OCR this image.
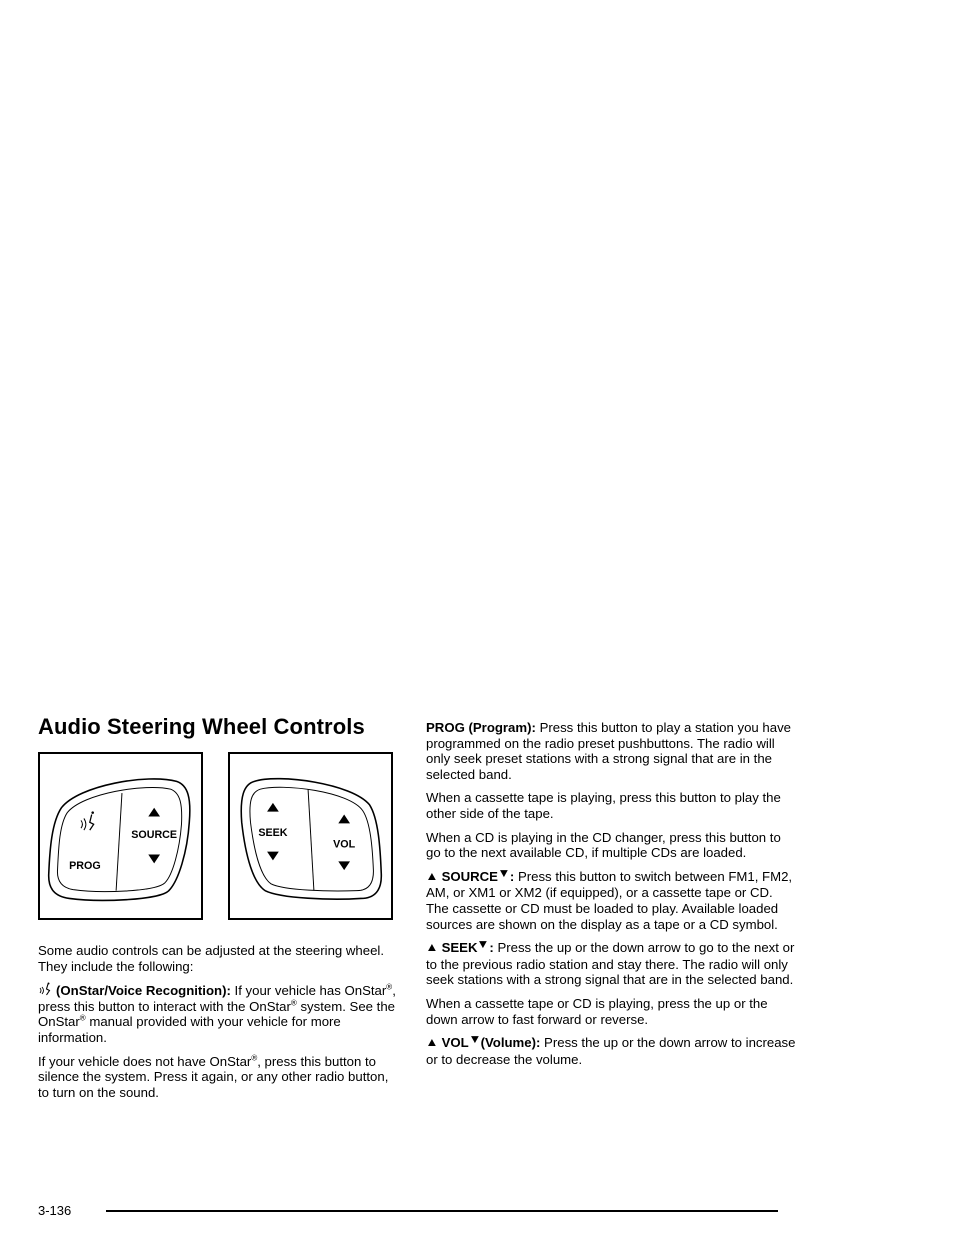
Audio Steering Wheel Controls
SOURCE
PROG
SEEK
VOL

Some audio controls can be adjusted at the steering wheel. They include the following:

(OnStar/Voice Recognition): If your vehicle has OnStar®, press this button to interact with the OnStar® system. See the OnStar® manual provided with your vehicle for more information.

If your vehicle does not have OnStar®, press this button to silence the system. Press it again, or any other radio button, to turn on the sound.

PROG (Program): Press this button to play a station you have programmed on the radio preset pushbuttons. The radio will only seek preset stations with a strong signal that are in the selected band.

When a cassette tape is playing, press this button to play the other side of the tape.

When a CD is playing in the CD changer, press this button to go to the next available CD, if multiple CDs are loaded.

▲ SOURCE▼: Press this button to switch between FM1, FM2, AM, or XM1 or XM2 (if equipped), or a cassette tape or CD. The cassette or CD must be loaded to play. Available loaded sources are shown on the display as a tape or a CD symbol.

▲ SEEK▼: Press the up or the down arrow to go to the next or to the previous radio station and stay there. The radio will only seek stations with a strong signal that are in the selected band.

When a cassette tape or CD is playing, press the up or the down arrow to fast forward or reverse.

▲ VOL▼(Volume): Press the up or the down arrow to increase or to decrease the volume.

3-136
